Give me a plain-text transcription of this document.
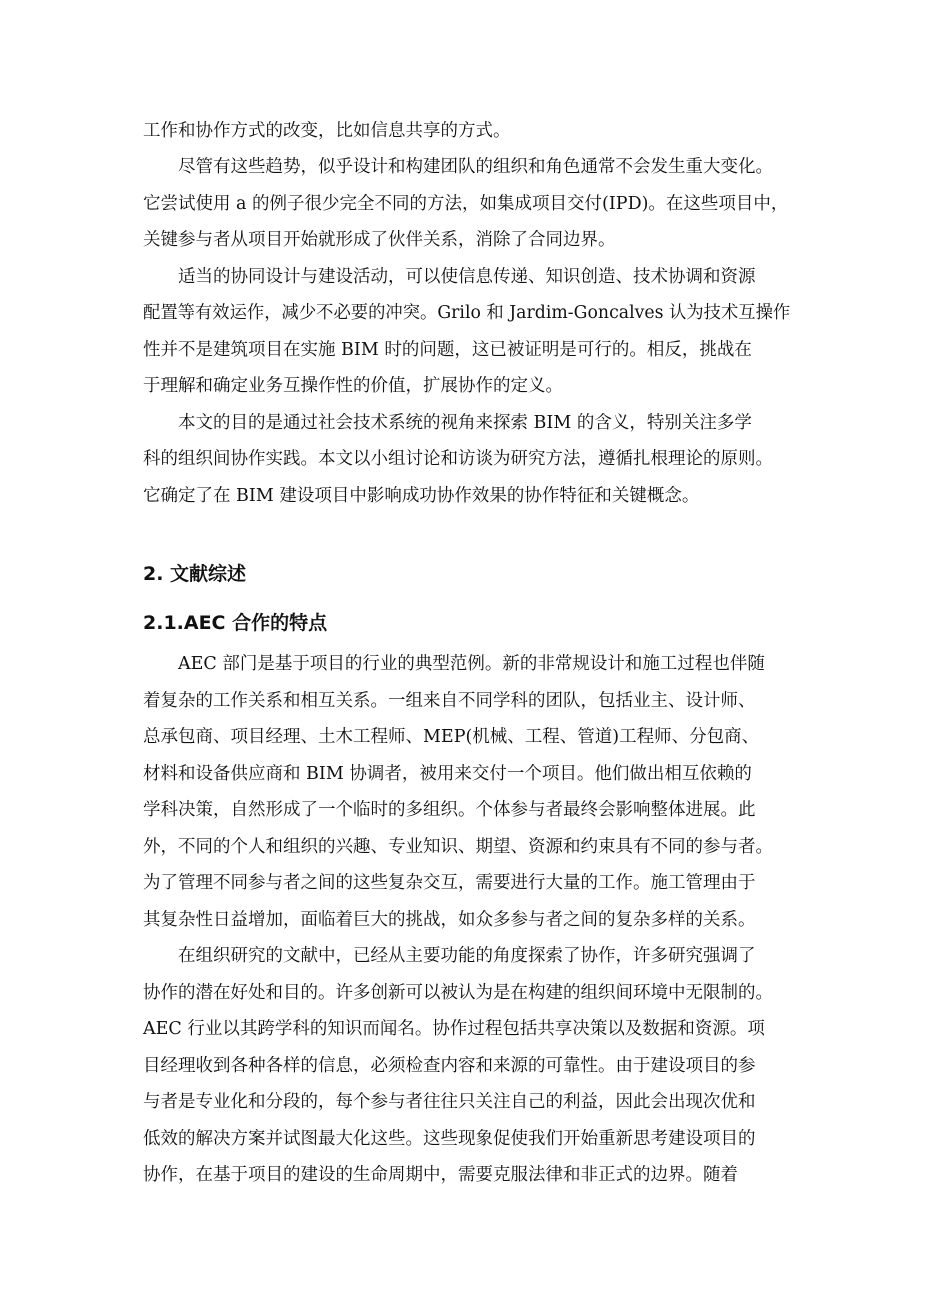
工作和协作方式的改变，比如信息共享的方式。
尽管有这些趋势，似乎设计和构建团队的组织和角色通常不会发生重大变化。
它尝试使用 a 的例子很少完全不同的方法，如集成项目交付(IPD)。在这些项目中，
关键参与者从项目开始就形成了伙伴关系，消除了合同边界。
适当的协同设计与建设活动，可以使信息传递、知识创造、技术协调和资源
配置等有效运作，减少不必要的冲突。Grilo 和 Jardim-Goncalves 认为技术互操作
性并不是建筑项目在实施 BIM 时的问题，这已被证明是可行的。相反，挑战在
于理解和确定业务互操作性的价值，扩展协作的定义。
本文的目的是通过社会技术系统的视角来探索 BIM 的含义，特别关注多学
科的组织间协作实践。本文以小组讨论和访谈为研究方法，遵循扎根理论的原则。
它确定了在 BIM 建设项目中影响成功协作效果的协作特征和关键概念。
2. 文献综述
2.1.AEC 合作的特点
AEC 部门是基于项目的行业的典型范例。新的非常规设计和施工过程也伴随
着复杂的工作关系和相互关系。一组来自不同学科的团队，包括业主、设计师、
总承包商、项目经理、土木工程师、MEP(机械、工程、管道)工程师、分包商、
材料和设备供应商和 BIM 协调者，被用来交付一个项目。他们做出相互依赖的
学科决策，自然形成了一个临时的多组织。个体参与者最终会影响整体进展。此
外，不同的个人和组织的兴趣、专业知识、期望、资源和约束具有不同的参与者。
为了管理不同参与者之间的这些复杂交互，需要进行大量的工作。施工管理由于
其复杂性日益增加，面临着巨大的挑战，如众多参与者之间的复杂多样的关系。
在组织研究的文献中，已经从主要功能的角度探索了协作，许多研究强调了
协作的潜在好处和目的。许多创新可以被认为是在构建的组织间环境中无限制的。
AEC 行业以其跨学科的知识而闻名。协作过程包括共享决策以及数据和资源。项
目经理收到各种各样的信息，必须检查内容和来源的可靠性。由于建设项目的参
与者是专业化和分段的，每个参与者往往只关注自己的利益，因此会出现次优和
低效的解决方案并试图最大化这些。这些现象促使我们开始重新思考建设项目的
协作，在基于项目的建设的生命周期中，需要克服法律和非正式的边界。随着
